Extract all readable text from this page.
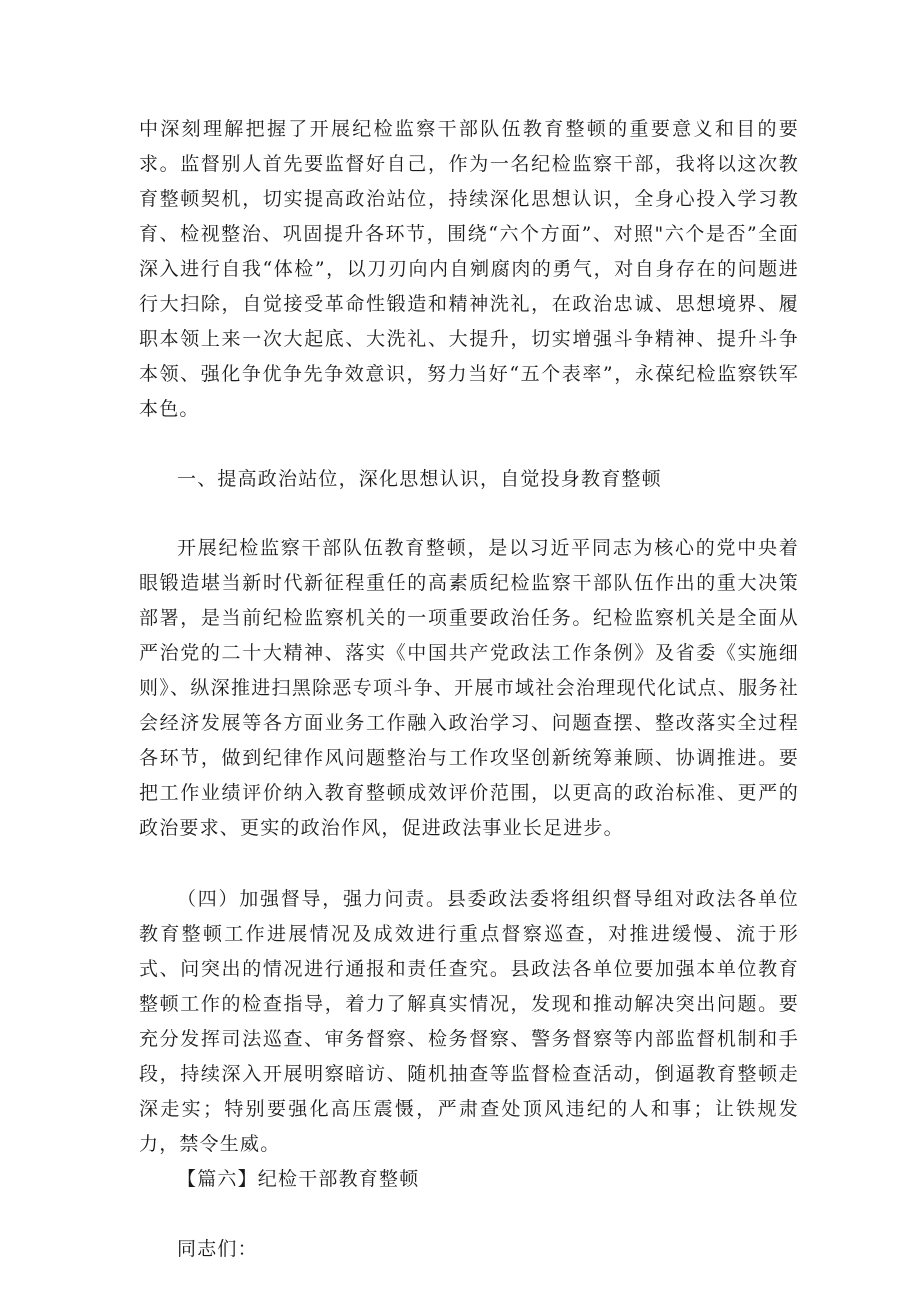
中深刻理解把握了开展纪检监察干部队伍教育整顿的重要意义和目的要求。监督别人首先要监督好自己，作为一名纪检监察干部，我将以这次教育整顿契机，切实提高政治站位，持续深化思想认识，全身心投入学习教育、检视整治、巩固提升各环节，围绕“六个方面”、对照"六个是否”全面深入进行自我“体检”，以刀刃向内自剜腐肉的勇气，对自身存在的问题进行大扫除，自觉接受革命性锻造和精神洗礼，在政治忠诚、思想境界、履职本领上来一次大起底、大洗礼、大提升，切实增强斗争精神、提升斗争本领、强化争优争先争效意识，努力当好“五个表率”，永葆纪检监察铁军本色。

一、提高政治站位，深化思想认识，自觉投身教育整顿

开展纪检监察干部队伍教育整顿，是以习近平同志为核心的党中央着眼锻造堪当新时代新征程重任的高素质纪检监察干部队伍作出的重大决策部署，是当前纪检监察机关的一项重要政治任务。纪检监察机关是全面从严治党的二十大精神、落实《中国共产党政法工作条例》及省委《实施细则》、纵深推进扫黑除恶专项斗争、开展市域社会治理现代化试点、服务社会经济发展等各方面业务工作融入政治学习、问题查摆、整改落实全过程各环节，做到纪律作风问题整治与工作攻坚创新统筹兼顾、协调推进。要把工作业绩评价纳入教育整顿成效评价范围，以更高的政治标准、更严的政治要求、更实的政治作风，促进政法事业长足进步。

（四）加强督导，强力问责。县委政法委将组织督导组对政法各单位教育整顿工作进展情况及成效进行重点督察巡查，对推进缓慢、流于形式、问突出的情况进行通报和责任查究。县政法各单位要加强本单位教育整顿工作的检查指导，着力了解真实情况，发现和推动解决突出问题。要充分发挥司法巡查、审务督察、检务督察、警务督察等内部监督机制和手段，持续深入开展明察暗访、随机抽查等监督检查活动，倒逼教育整顿走深走实；特别要强化高压震慑，严肃查处顶风违纪的人和事；让铁规发力，禁令生威。

【篇六】纪检干部教育整顿

同志们：
